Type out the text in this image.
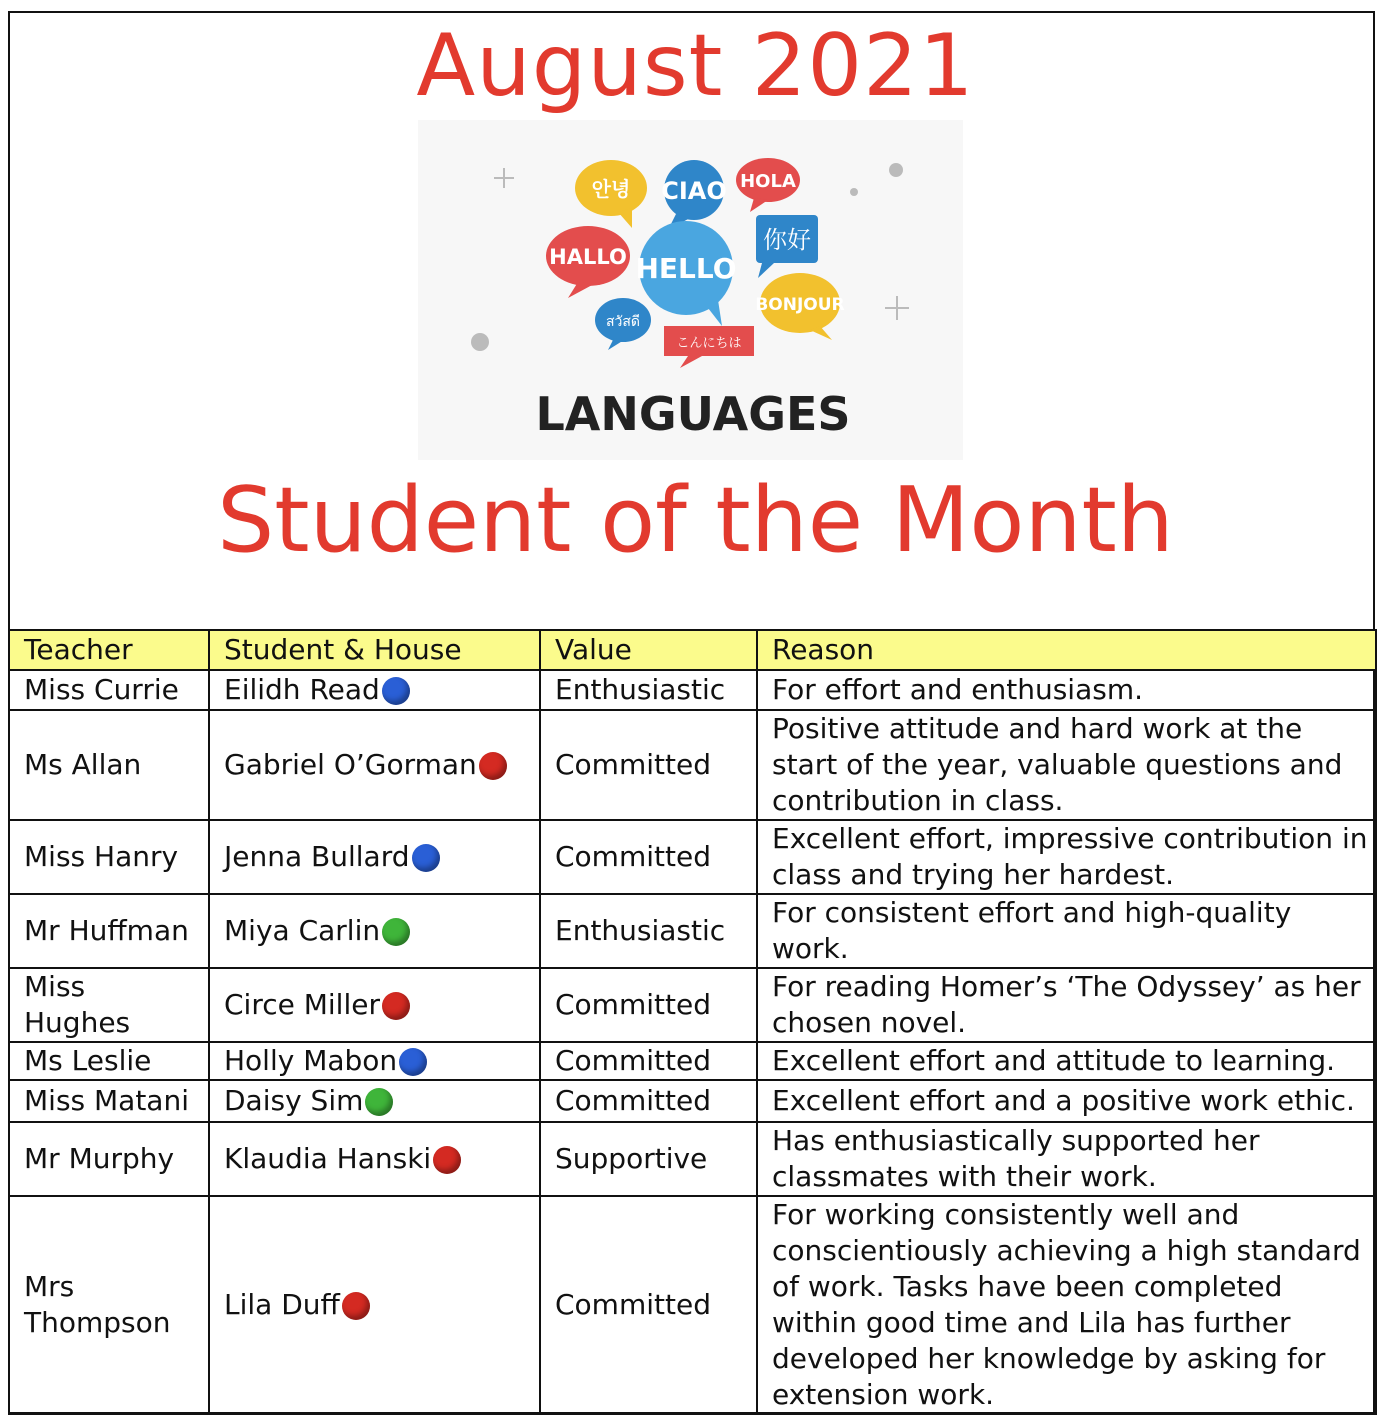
August 2021
안녕 CIAO HOLA
HALLO HELLO
你好
BONJOUR
สวัสดี
こんにちは
LANGUAGES
Student of the Month
Teacher	Student & House	Value	Reason
Miss Currie	Eilidh Read	Enthusiastic	For effort and enthusiasm.
Ms Allan	Gabriel O’Gorman	Committed	Positive attitude and hard work at the start of the year, valuable questions and contribution in class.
Miss Hanry	Jenna Bullard	Committed	Excellent effort, impressive contribution in class and trying her hardest.
Mr Huffman	Miya Carlin	Enthusiastic	For consistent effort and high-quality work.
Miss Hughes	Circe Miller	Committed	For reading Homer’s ‘The Odyssey’ as her chosen novel.
Ms Leslie	Holly Mabon	Committed	Excellent effort and attitude to learning.
Miss Matani	Daisy Sim	Committed	Excellent effort and a positive work ethic.
Mr Murphy	Klaudia Hanski	Supportive	Has enthusiastically supported her classmates with their work.
Mrs Thompson	Lila Duff	Committed	For working consistently well and conscientiously achieving a high standard of work. Tasks have been completed within good time and Lila has further developed her knowledge by asking for extension work.
